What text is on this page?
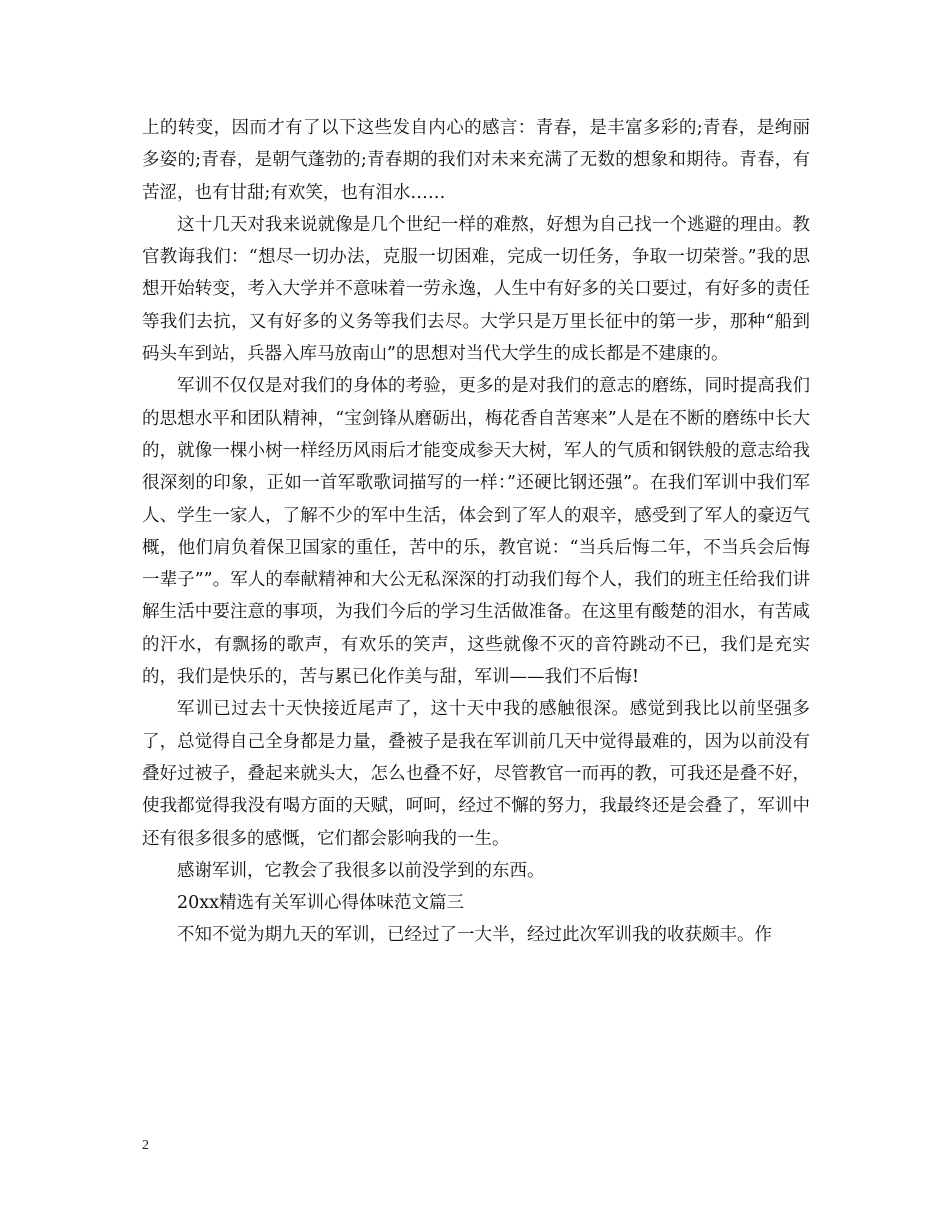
上的转变，因而才有了以下这些发自内心的感言：青春，是丰富多彩的;青春，是绚丽多姿的;青春，是朝气蓬勃的;青春期的我们对未来充满了无数的想象和期待。青春，有苦涩，也有甘甜;有欢笑，也有泪水……

这十几天对我来说就像是几个世纪一样的难熬，好想为自己找一个逃避的理由。教官教诲我们：“想尽一切办法，克服一切困难，完成一切任务，争取一切荣誉。”我的思想开始转变，考入大学并不意味着一劳永逸，人生中有好多的关口要过，有好多的责任等我们去抗，又有好多的义务等我们去尽。大学只是万里长征中的第一步，那种“船到码头车到站，兵器入库马放南山”的思想对当代大学生的成长都是不建康的。

军训不仅仅是对我们的身体的考验，更多的是对我们的意志的磨练，同时提高我们的思想水平和团队精神，“宝剑锋从磨砺出，梅花香自苦寒来”人是在不断的磨练中长大的，就像一棵小树一样经历风雨后才能变成参天大树，军人的气质和钢铁般的意志给我很深刻的印象，正如一首军歌歌词描写的一样：”还硬比钢还强”。在我们军训中我们军人、学生一家人，了解不少的军中生活，体会到了军人的艰辛，感受到了军人的豪迈气概，他们肩负着保卫国家的重任，苦中的乐，教官说：“当兵后悔二年，不当兵会后悔一辈子””。军人的奉献精神和大公无私深深的打动我们每个人，我们的班主任给我们讲解生活中要注意的事项，为我们今后的学习生活做准备。在这里有酸楚的泪水，有苦咸的汗水，有飘扬的歌声，有欢乐的笑声，这些就像不灭的音符跳动不已，我们是充实的，我们是快乐的，苦与累已化作美与甜，军训——我们不后悔!

军训已过去十天快接近尾声了，这十天中我的感触很深。感觉到我比以前坚强多了，总觉得自己全身都是力量，叠被子是我在军训前几天中觉得最难的，因为以前没有叠好过被子，叠起来就头大，怎么也叠不好，尽管教官一而再的教，可我还是叠不好，使我都觉得我没有喝方面的天赋，呵呵，经过不懈的努力，我最终还是会叠了，军训中还有很多很多的感慨，它们都会影响我的一生。

感谢军训，它教会了我很多以前没学到的东西。

20xx精选有关军训心得体味范文篇三

不知不觉为期九天的军训，已经过了一大半，经过此次军训我的收获颇丰。作

2
